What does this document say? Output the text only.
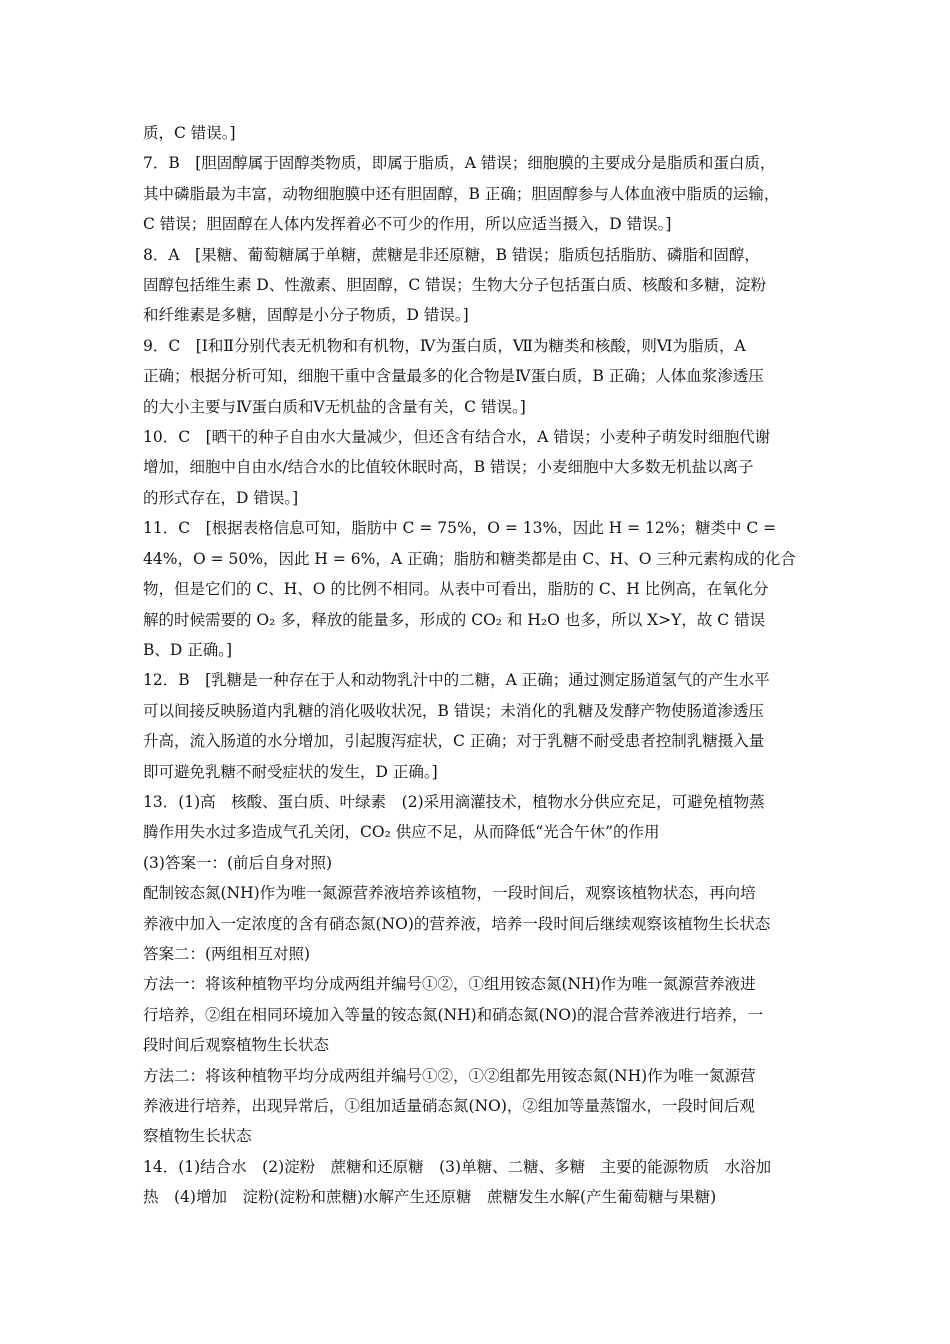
质，C 错误。]
7．B　[胆固醇属于固醇类物质，即属于脂质，A 错误；细胞膜的主要成分是脂质和蛋白质，
其中磷脂最为丰富，动物细胞膜中还有胆固醇，B 正确；胆固醇参与人体血液中脂质的运输，
C 错误；胆固醇在人体内发挥着必不可少的作用，所以应适当摄入，D 错误。]
8．A　[果糖、葡萄糖属于单糖，蔗糖是非还原糖，B 错误；脂质包括脂肪、磷脂和固醇，
固醇包括维生素 D、性激素、胆固醇，C 错误；生物大分子包括蛋白质、核酸和多糖，淀粉
和纤维素是多糖，固醇是小分子物质，D 错误。]
9．C　[Ⅰ和Ⅱ分别代表无机物和有机物，Ⅳ为蛋白质，Ⅶ为糖类和核酸，则Ⅵ为脂质，A
正确；根据分析可知，细胞干重中含量最多的化合物是Ⅳ蛋白质，B 正确；人体血浆渗透压
的大小主要与Ⅳ蛋白质和Ⅴ无机盐的含量有关，C 错误。]
10．C　[晒干的种子自由水大量减少，但还含有结合水，A 错误；小麦种子萌发时细胞代谢
增加，细胞中自由水/结合水的比值较休眠时高，B 错误；小麦细胞中大多数无机盐以离子
的形式存在，D 错误。]
11．C　[根据表格信息可知，脂肪中 C = 75%，O = 13%，因此 H = 12%；糖类中 C =
44%，O = 50%，因此 H = 6%，A 正确；脂肪和糖类都是由 C、H、O 三种元素构成的化合
物，但是它们的 C、H、O 的比例不相同。从表中可看出，脂肪的 C、H 比例高，在氧化分
解的时候需要的 O₂ 多，释放的能量多，形成的 CO₂ 和 H₂O 也多，所以 X>Y，故 C 错误
B、D 正确。]
12．B　[乳糖是一种存在于人和动物乳汁中的二糖，A 正确；通过测定肠道氢气的产生水平
可以间接反映肠道内乳糖的消化吸收状况，B 错误；未消化的乳糖及发酵产物使肠道渗透压
升高，流入肠道的水分增加，引起腹泻症状，C 正确；对于乳糖不耐受患者控制乳糖摄入量
即可避免乳糖不耐受症状的发生，D 正确。]
13．(1)高　核酸、蛋白质、叶绿素　(2)采用滴灌技术，植物水分供应充足，可避免植物蒸
腾作用失水过多造成气孔关闭，CO₂ 供应不足，从而降低“光合午休”的作用
(3)答案一：(前后自身对照)
配制铵态氮(NH)作为唯一氮源营养液培养该植物，一段时间后，观察该植物状态，再向培
养液中加入一定浓度的含有硝态氮(NO)的营养液，培养一段时间后继续观察该植物生长状态
答案二：(两组相互对照)
方法一：将该种植物平均分成两组并编号①②，①组用铵态氮(NH)作为唯一氮源营养液进
行培养，②组在相同环境加入等量的铵态氮(NH)和硝态氮(NO)的混合营养液进行培养，一
段时间后观察植物生长状态
方法二：将该种植物平均分成两组并编号①②，①②组都先用铵态氮(NH)作为唯一氮源营
养液进行培养，出现异常后，①组加适量硝态氮(NO)，②组加等量蒸馏水，一段时间后观
察植物生长状态
14．(1)结合水　(2)淀粉　蔗糖和还原糖　(3)单糖、二糖、多糖　主要的能源物质　水浴加
热　(4)增加　淀粉(淀粉和蔗糖)水解产生还原糖　蔗糖发生水解(产生葡萄糖与果糖)
